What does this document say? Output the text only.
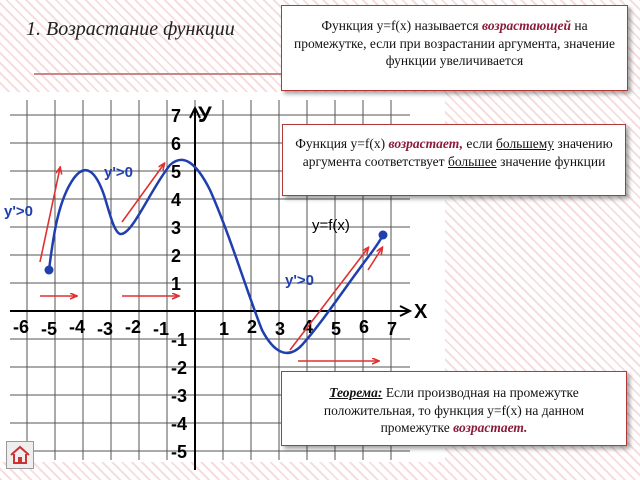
1. Возрастание функции	Функция y=f(x) называется возрастающей на промежутке, если при возрастании аргумента, значение функции увеличивается
X
У
-6 -5 -4 -3 -2 -1	1 2 3 4 5 6 7
7
6
5
4
3
2
1
-1
-2
-3
-4
-5
y'>0
y'>0
y'>0
y=f(x)
Функция y=f(x) возрастает, если большему значению аргумента соответствует большее значение функции
Теорема: Если производная на промежутке положительная, то функция y=f(x) на данном промежутке возрастает.
